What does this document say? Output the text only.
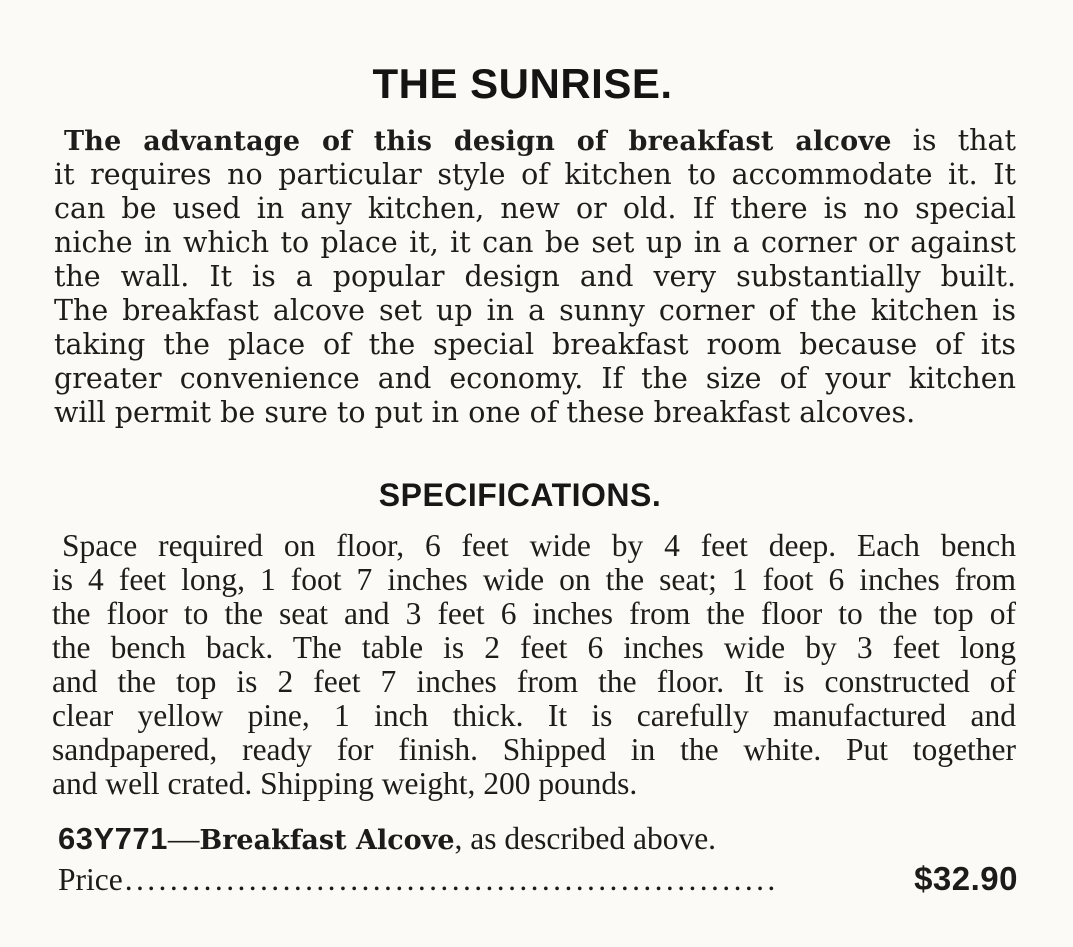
THE SUNRISE.
The advantage of this design of breakfast alcove is that
it requires no particular style of kitchen to accommodate it. It
can be used in any kitchen, new or old. If there is no special
niche in which to place it, it can be set up in a corner or against
the wall. It is a popular design and very substantially built.
The breakfast alcove set up in a sunny corner of the kitchen is
taking the place of the special breakfast room because of its
greater convenience and economy. If the size of your kitchen
will permit be sure to put in one of these breakfast alcoves.
SPECIFICATIONS.
Space required on floor, 6 feet wide by 4 feet deep. Each bench
is 4 feet long, 1 foot 7 inches wide on the seat; 1 foot 6 inches from
the floor to the seat and 3 feet 6 inches from the floor to the top of
the bench back. The table is 2 feet 6 inches wide by 3 feet long
and the top is 2 feet 7 inches from the floor. It is constructed of
clear yellow pine, 1 inch thick. It is carefully manufactured and
sandpapered, ready for finish. Shipped in the white. Put together
and well crated. Shipping weight, 200 pounds.
63Y771—Breakfast Alcove, as described above.
Price ..........................................................	$32.90
